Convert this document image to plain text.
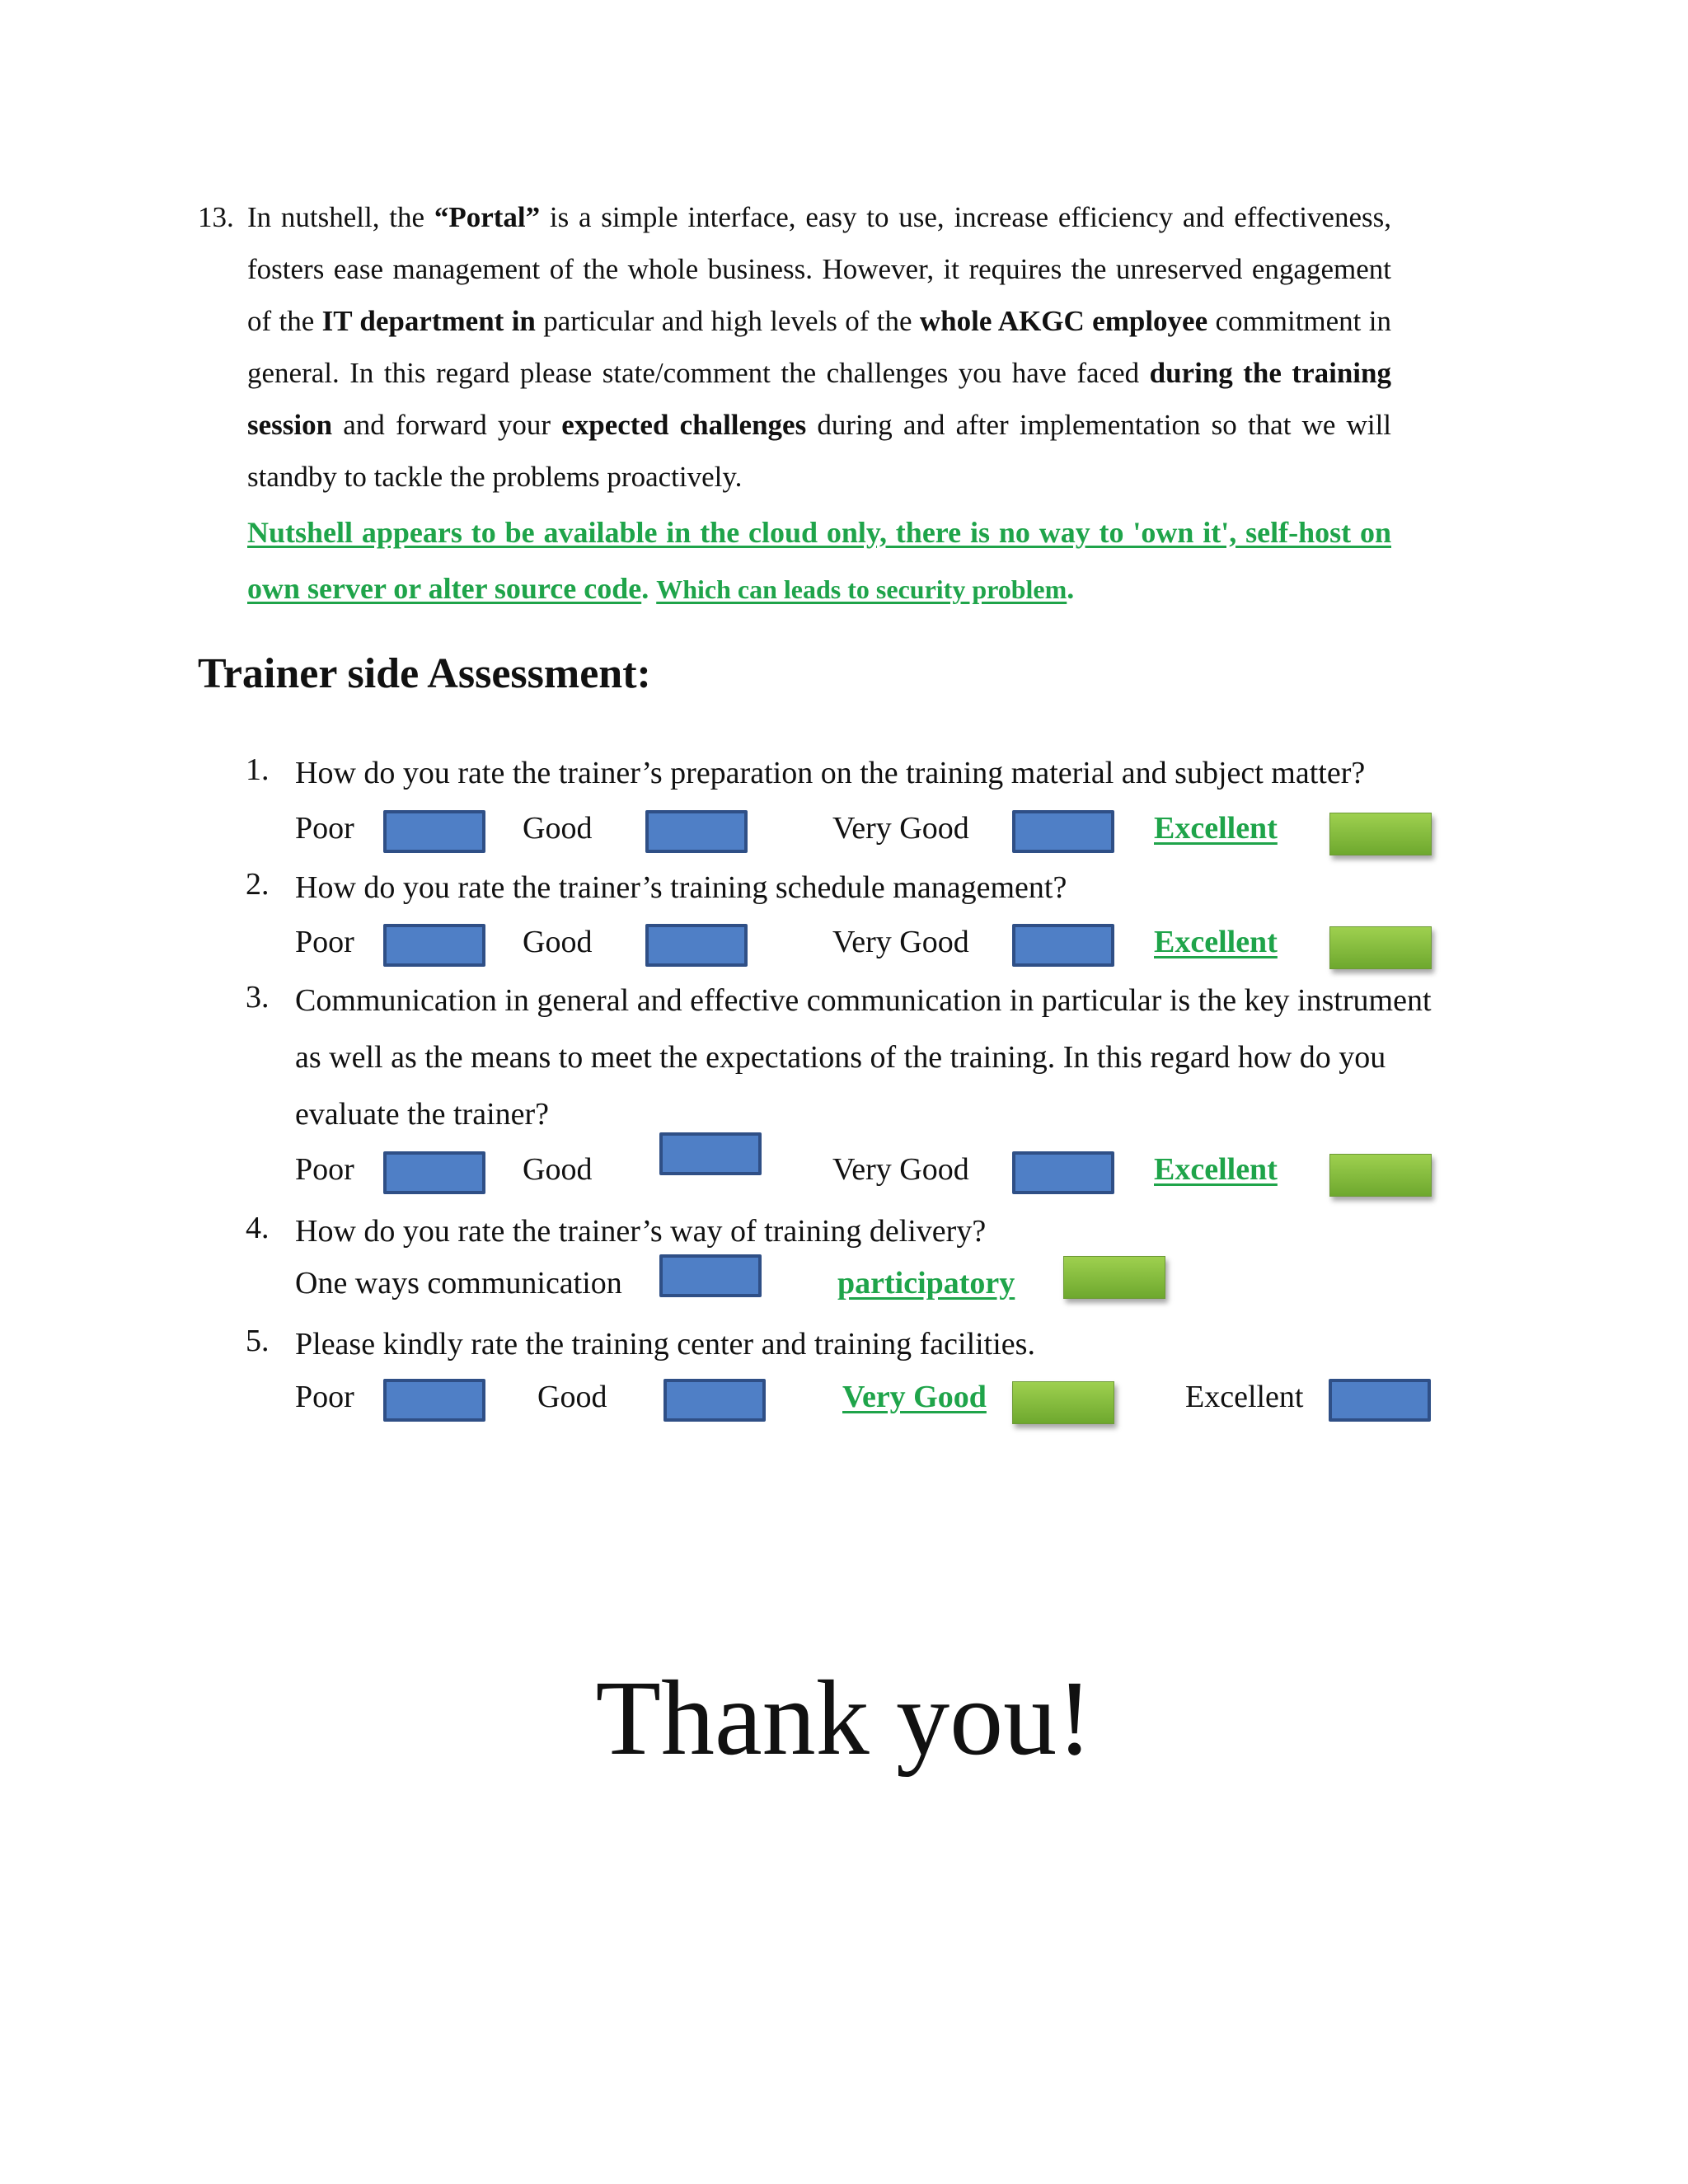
13. In nutshell, the “Portal” is a simple interface, easy to use, increase efficiency and effectiveness, fosters ease management of the whole business. However, it requires the unreserved engagement of the IT department in particular and high levels of the whole AKGC employee commitment in general. In this regard please state/comment the challenges you have faced during the training session and forward your expected challenges during and after implementation so that we will standby to tackle the problems proactively.
Nutshell appears to be available in the cloud only, there is no way to 'own it', self-host on own server or alter source code. Which can leads to security problem.
Trainer side Assessment:
1. How do you rate the trainer’s preparation on the training material and subject matter?
Poor	Good	Very Good	Excellent
2. How do you rate the trainer’s training schedule management?
Poor	Good	Very Good	Excellent
3. Communication in general and effective communication in particular is the key instrument as well as the means to meet the expectations of the training. In this regard how do you evaluate the trainer?
Poor	Good	Very Good	Excellent
4. How do you rate the trainer’s way of training delivery?
One ways communication	participatory
5. Please kindly rate the training center and training facilities.
Poor	Good	Very Good	Excellent
Thank you!
